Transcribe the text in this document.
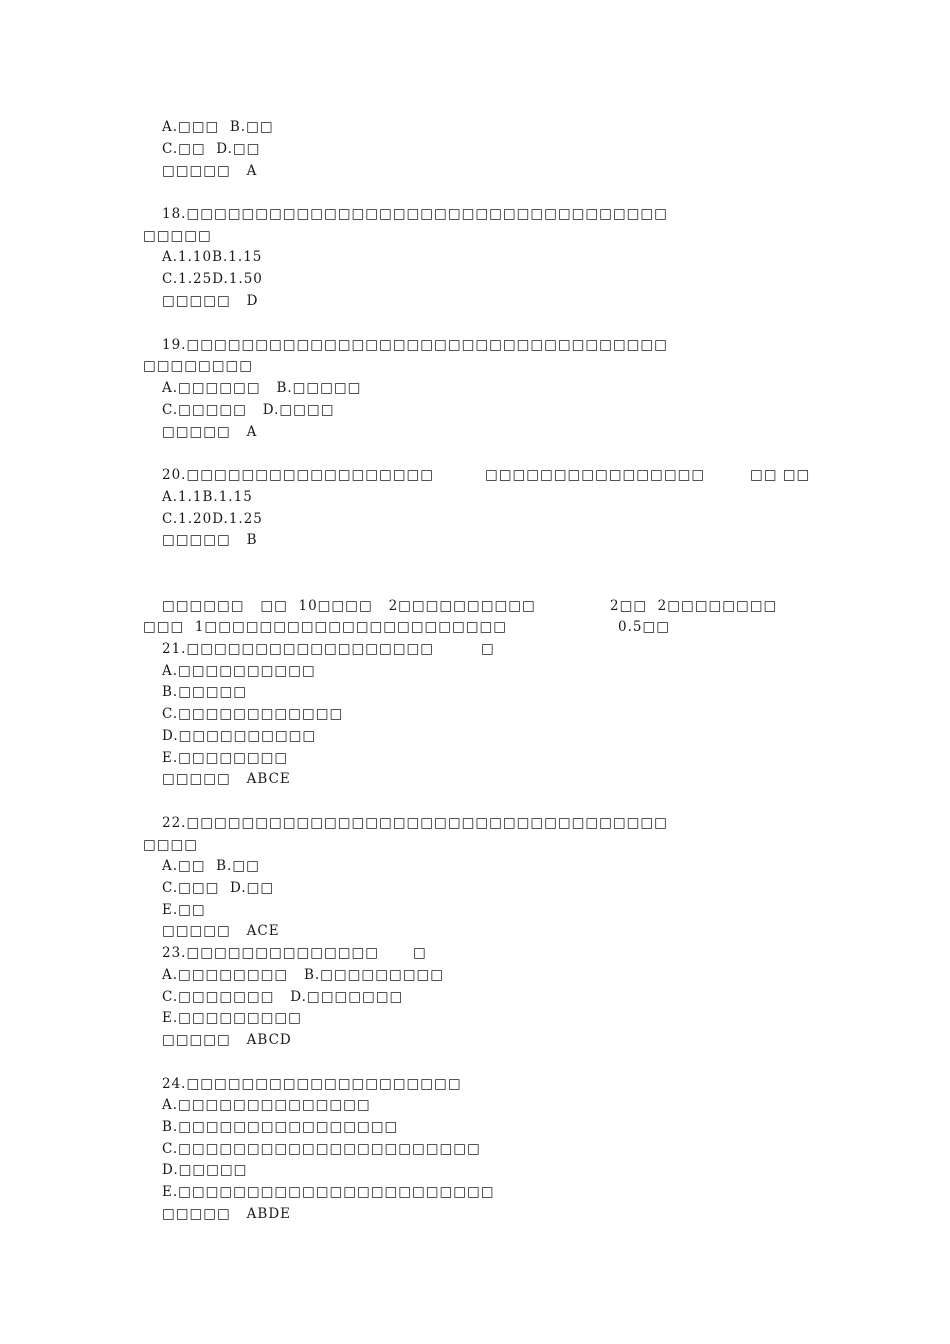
A.□□□  B.□□
C.□□  D.□□
□□□□□   A
18.□□□□□□□□□□□□□□□□□□□□□□□□□□□□□□□□□□□
□□□□□
A.1.10B.1.15
C.1.25D.1.50
□□□□□   D
19.□□□□□□□□□□□□□□□□□□□□□□□□□□□□□□□□□□□
□□□□□□□□
A.□□□□□□   B.□□□□□
C.□□□□□   D.□□□□
□□□□□   A
20.□□□□□□□□□□□□□□□□□□	□□□□□□□□□□□□□□□□	□□ □□
A.1.1B.1.15
C.1.20D.1.25
□□□□□   B
□□□□□□   □□  10□□□□   2□□□□□□□□□□	2□□  2□□□□□□□□
□□□  1□□□□□□□□□□□□□□□□□□□□□□	0.5□□
21.□□□□□□□□□□□□□□□□□□	□
A.□□□□□□□□□□
B.□□□□□
C.□□□□□□□□□□□□
D.□□□□□□□□□□
E.□□□□□□□□
□□□□□   ABCE
22.□□□□□□□□□□□□□□□□□□□□□□□□□□□□□□□□□□□
□□□□
A.□□  B.□□
C.□□□  D.□□
E.□□
□□□□□   ACE
23.□□□□□□□□□□□□□□	□
A.□□□□□□□□   B.□□□□□□□□□
C.□□□□□□□   D.□□□□□□□
E.□□□□□□□□□
□□□□□   ABCD
24.□□□□□□□□□□□□□□□□□□□□
A.□□□□□□□□□□□□□□
B.□□□□□□□□□□□□□□□□
C.□□□□□□□□□□□□□□□□□□□□□□
D.□□□□□
E.□□□□□□□□□□□□□□□□□□□□□□□
□□□□□   ABDE
